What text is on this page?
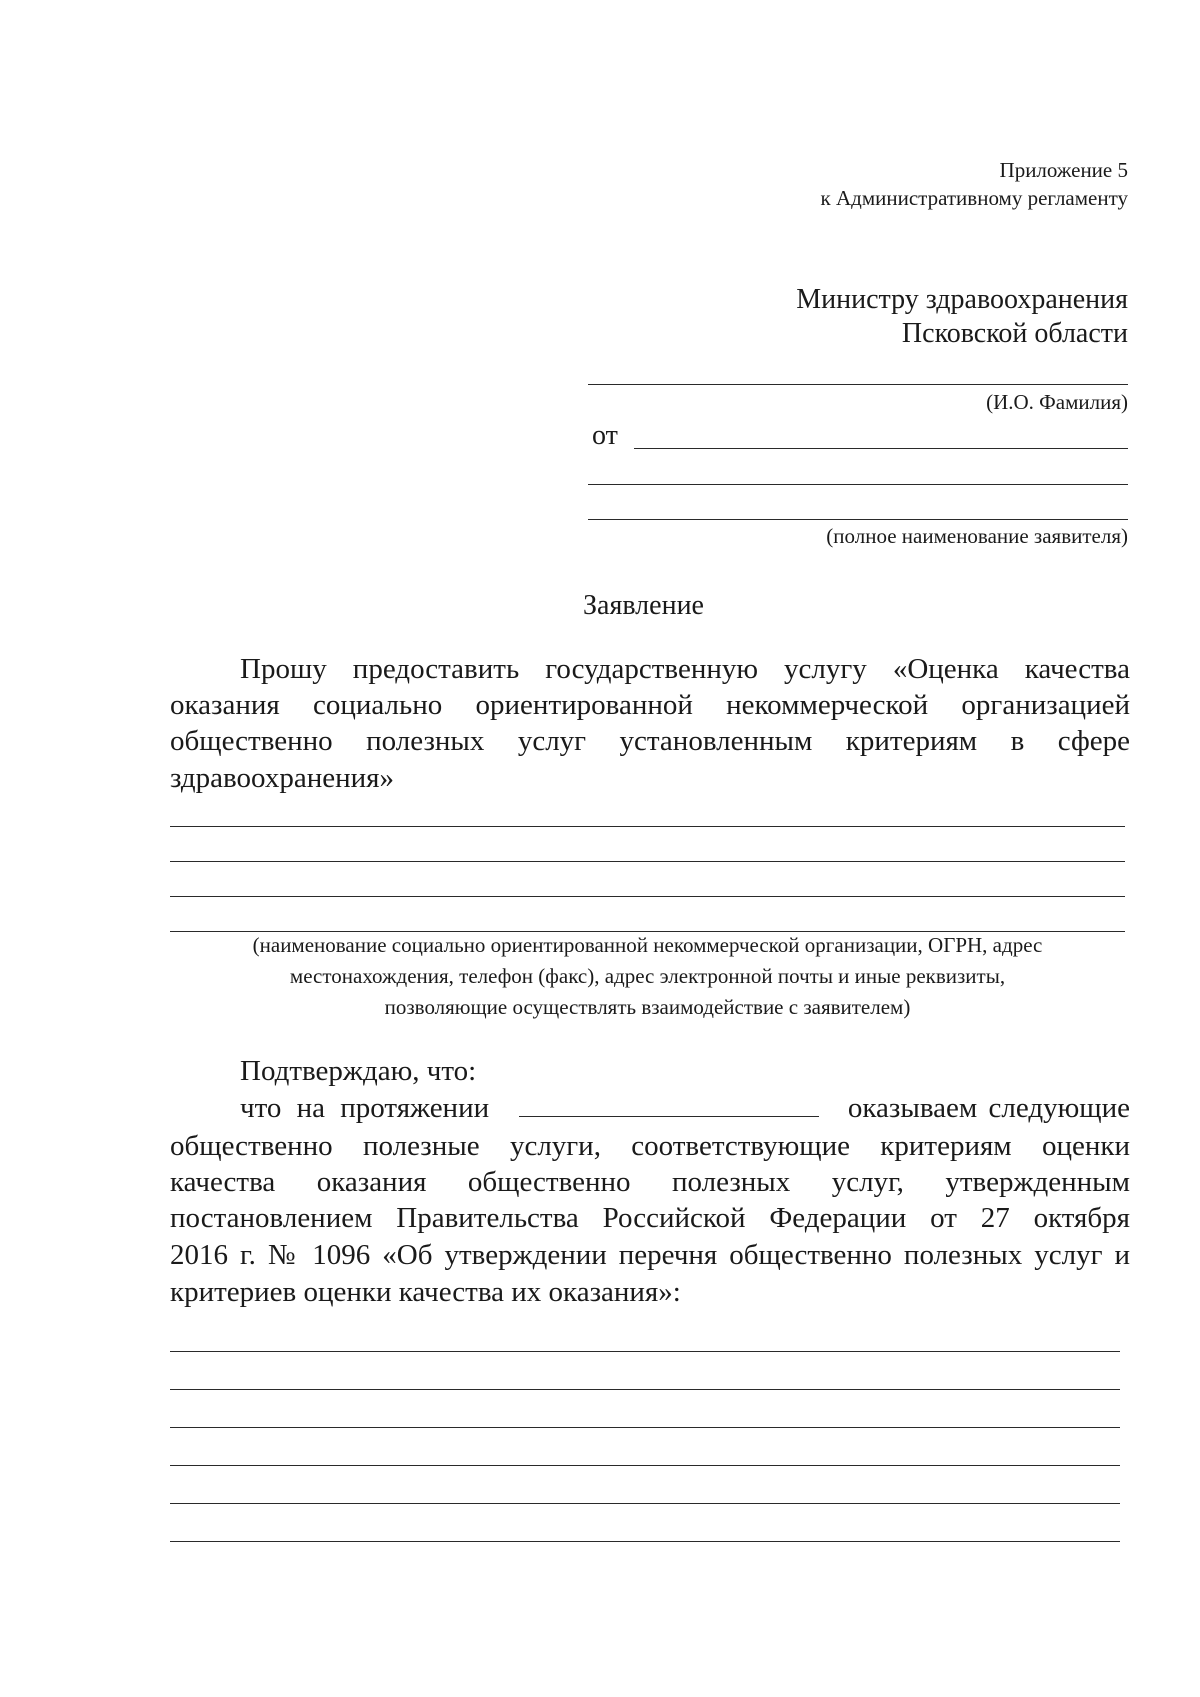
Приложение 5
к Административному регламенту
Министру здравоохранения
Псковской области
(И.О. Фамилия)
от
(полное наименование заявителя)
Заявление
Прошу предоставить государственную услугу «Оценка качества
оказания социально ориентированной некоммерческой организацией
общественно полезных услуг установленным критериям в сфере
здравоохранения»
(наименование социально ориентированной некоммерческой организации, ОГРН, адрес
местонахождения, телефон (факс), адрес электронной почты и иные реквизиты,
позволяющие осуществлять взаимодействие с заявителем)
Подтверждаю, что:
что на протяжении	оказываем следующие
общественно полезные услуги, соответствующие критериям оценки
качества оказания общественно полезных услуг, утвержденным
постановлением Правительства Российской Федерации от 27 октября
2016 г. № 1096 «Об утверждении перечня общественно полезных услуг и
критериев оценки качества их оказания»:
